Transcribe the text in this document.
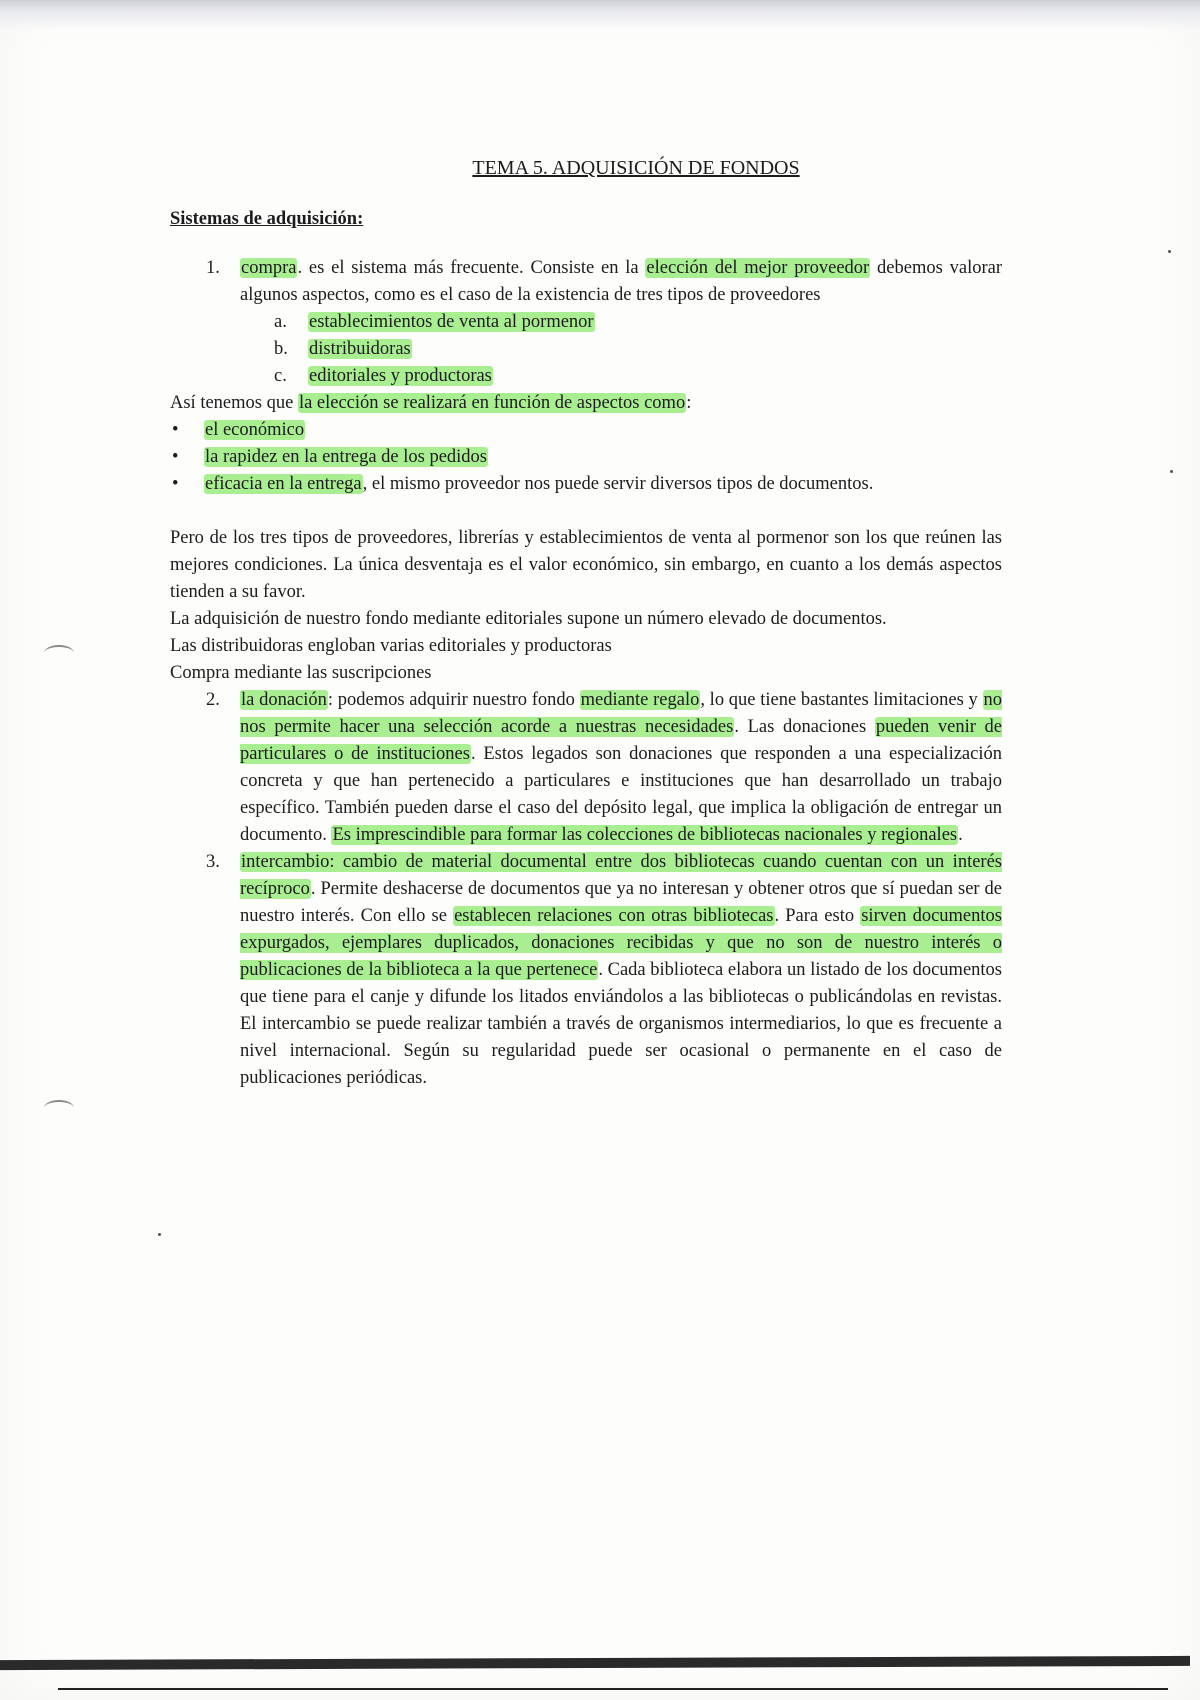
TEMA 5. ADQUISICIÓN DE FONDOS
Sistemas de adquisición:
1. compra. es el sistema más frecuente. Consiste en la elección del mejor proveedor debemos valorar algunos aspectos, como es el caso de la existencia de tres tipos de proveedores
a. establecimientos de venta al pormenor
b. distribuidoras
c. editoriales y productoras

Así tenemos que la elección se realizará en función de aspectos como:

• el económico
• la rapidez en la entrega de los pedidos
• eficacia en la entrega, el mismo proveedor nos puede servir diversos tipos de documentos.

Pero de los tres tipos de proveedores, librerías y establecimientos de venta al pormenor son los que reúnen las mejores condiciones. La única desventaja es el valor económico, sin embargo, en cuanto a los demás aspectos tienden a su favor.

La adquisición de nuestro fondo mediante editoriales supone un número elevado de documentos.

Las distribuidoras engloban varias editoriales y productoras

Compra mediante las suscripciones

2. la donación: podemos adquirir nuestro fondo mediante regalo, lo que tiene bastantes limitaciones y no nos permite hacer una selección acorde a nuestras necesidades. Las donaciones pueden venir de particulares o de instituciones. Estos legados son donaciones que responden a una especialización concreta y que han pertenecido a particulares e instituciones que han desarrollado un trabajo específico. También pueden darse el caso del depósito legal, que implica la obligación de entregar un documento. Es imprescindible para formar las colecciones de bibliotecas nacionales y regionales.
3. intercambio: cambio de material documental entre dos bibliotecas cuando cuentan con un interés recíproco. Permite deshacerse de documentos que ya no interesan y obtener otros que sí puedan ser de nuestro interés. Con ello se establecen relaciones con otras bibliotecas. Para esto sirven documentos expurgados, ejemplares duplicados, donaciones recibidas y que no son de nuestro interés o publicaciones de la biblioteca a la que pertenece. Cada biblioteca elabora un listado de los documentos que tiene para el canje y difunde los litados enviándolos a las bibliotecas o publicándolas en revistas. El intercambio se puede realizar también a través de organismos intermediarios, lo que es frecuente a nivel internacional. Según su regularidad puede ser ocasional o permanente en el caso de publicaciones periódicas.
